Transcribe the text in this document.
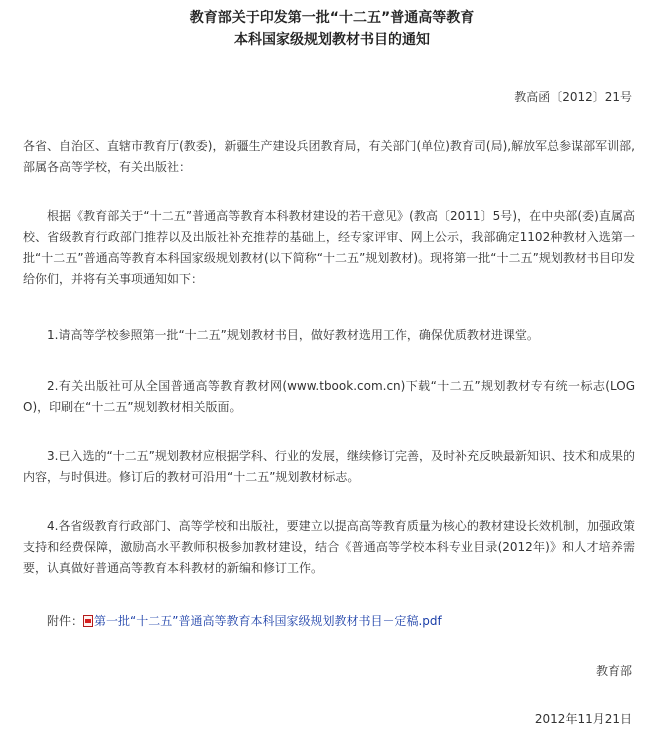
教育部关于印发第一批“十二五”普通高等教育
本科国家级规划教材书目的通知
教高函〔2012〕21号
各省、自治区、直辖市教育厅(教委)，新疆生产建设兵团教育局，有关部门(单位)教育司(局),解放军总参谋部军训部,部属各高等学校，有关出版社：
根据《教育部关于“十二五”普通高等教育本科教材建设的若干意见》(教高〔2011〕5号)，在中央部(委)直属高校、省级教育行政部门推荐以及出版社补充推荐的基础上，经专家评审、网上公示，我部确定1102种教材入选第一批“十二五”普通高等教育本科国家级规划教材(以下简称“十二五”规划教材)。现将第一批“十二五”规划教材书目印发给你们，并将有关事项通知如下：
1.请高等学校参照第一批“十二五”规划教材书目，做好教材选用工作，确保优质教材进课堂。
2.有关出版社可从全国普通高等教育教材网(www.tbook.com.cn)下载“十二五”规划教材专有统一标志(LOGO)，印刷在“十二五”规划教材相关版面。
3.已入选的“十二五”规划教材应根据学科、行业的发展，继续修订完善，及时补充反映最新知识、技术和成果的内容，与时俱进。修订后的教材可沿用“十二五”规划教材标志。
4.各省级教育行政部门、高等学校和出版社，要建立以提高高等教育质量为核心的教材建设长效机制，加强政策支持和经费保障，激励高水平教师积极参加教材建设，结合《普通高等学校本科专业目录(2012年)》和人才培养需要，认真做好普通高等教育本科教材的新编和修订工作。
附件： 第一批“十二五”普通高等教育本科国家级规划教材书目－定稿.pdf
教育部
2012年11月21日
